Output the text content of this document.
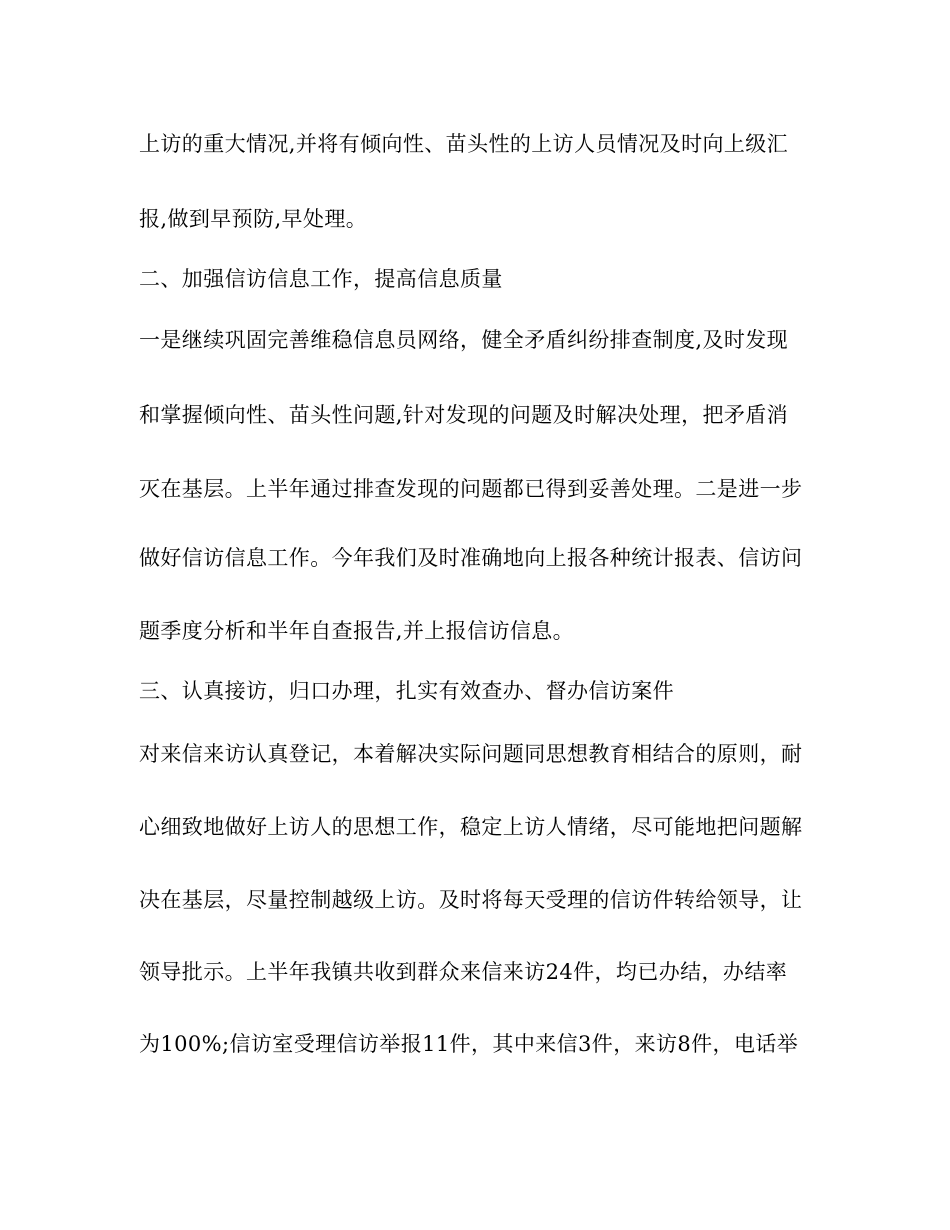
上访的重大情况,并将有倾向性、苗头性的上访人员情况及时向上级汇
报,做到早预防,早处理。
二、加强信访信息工作，提高信息质量
一是继续巩固完善维稳信息员网络，健全矛盾纠纷排查制度,及时发现
和掌握倾向性、苗头性问题,针对发现的问题及时解决处理，把矛盾消
灭在基层。上半年通过排查发现的问题都已得到妥善处理。二是进一步
做好信访信息工作。今年我们及时准确地向上报各种统计报表、信访问
题季度分析和半年自查报告,并上报信访信息。
三、认真接访，归口办理，扎实有效查办、督办信访案件
对来信来访认真登记，本着解决实际问题同思想教育相结合的原则，耐
心细致地做好上访人的思想工作，稳定上访人情绪，尽可能地把问题解
决在基层，尽量控制越级上访。及时将每天受理的信访件转给领导，让
领导批示。上半年我镇共收到群众来信来访24件，均已办结，办结率
为100%;信访室受理信访举报11件，其中来信3件，来访8件，电话举
